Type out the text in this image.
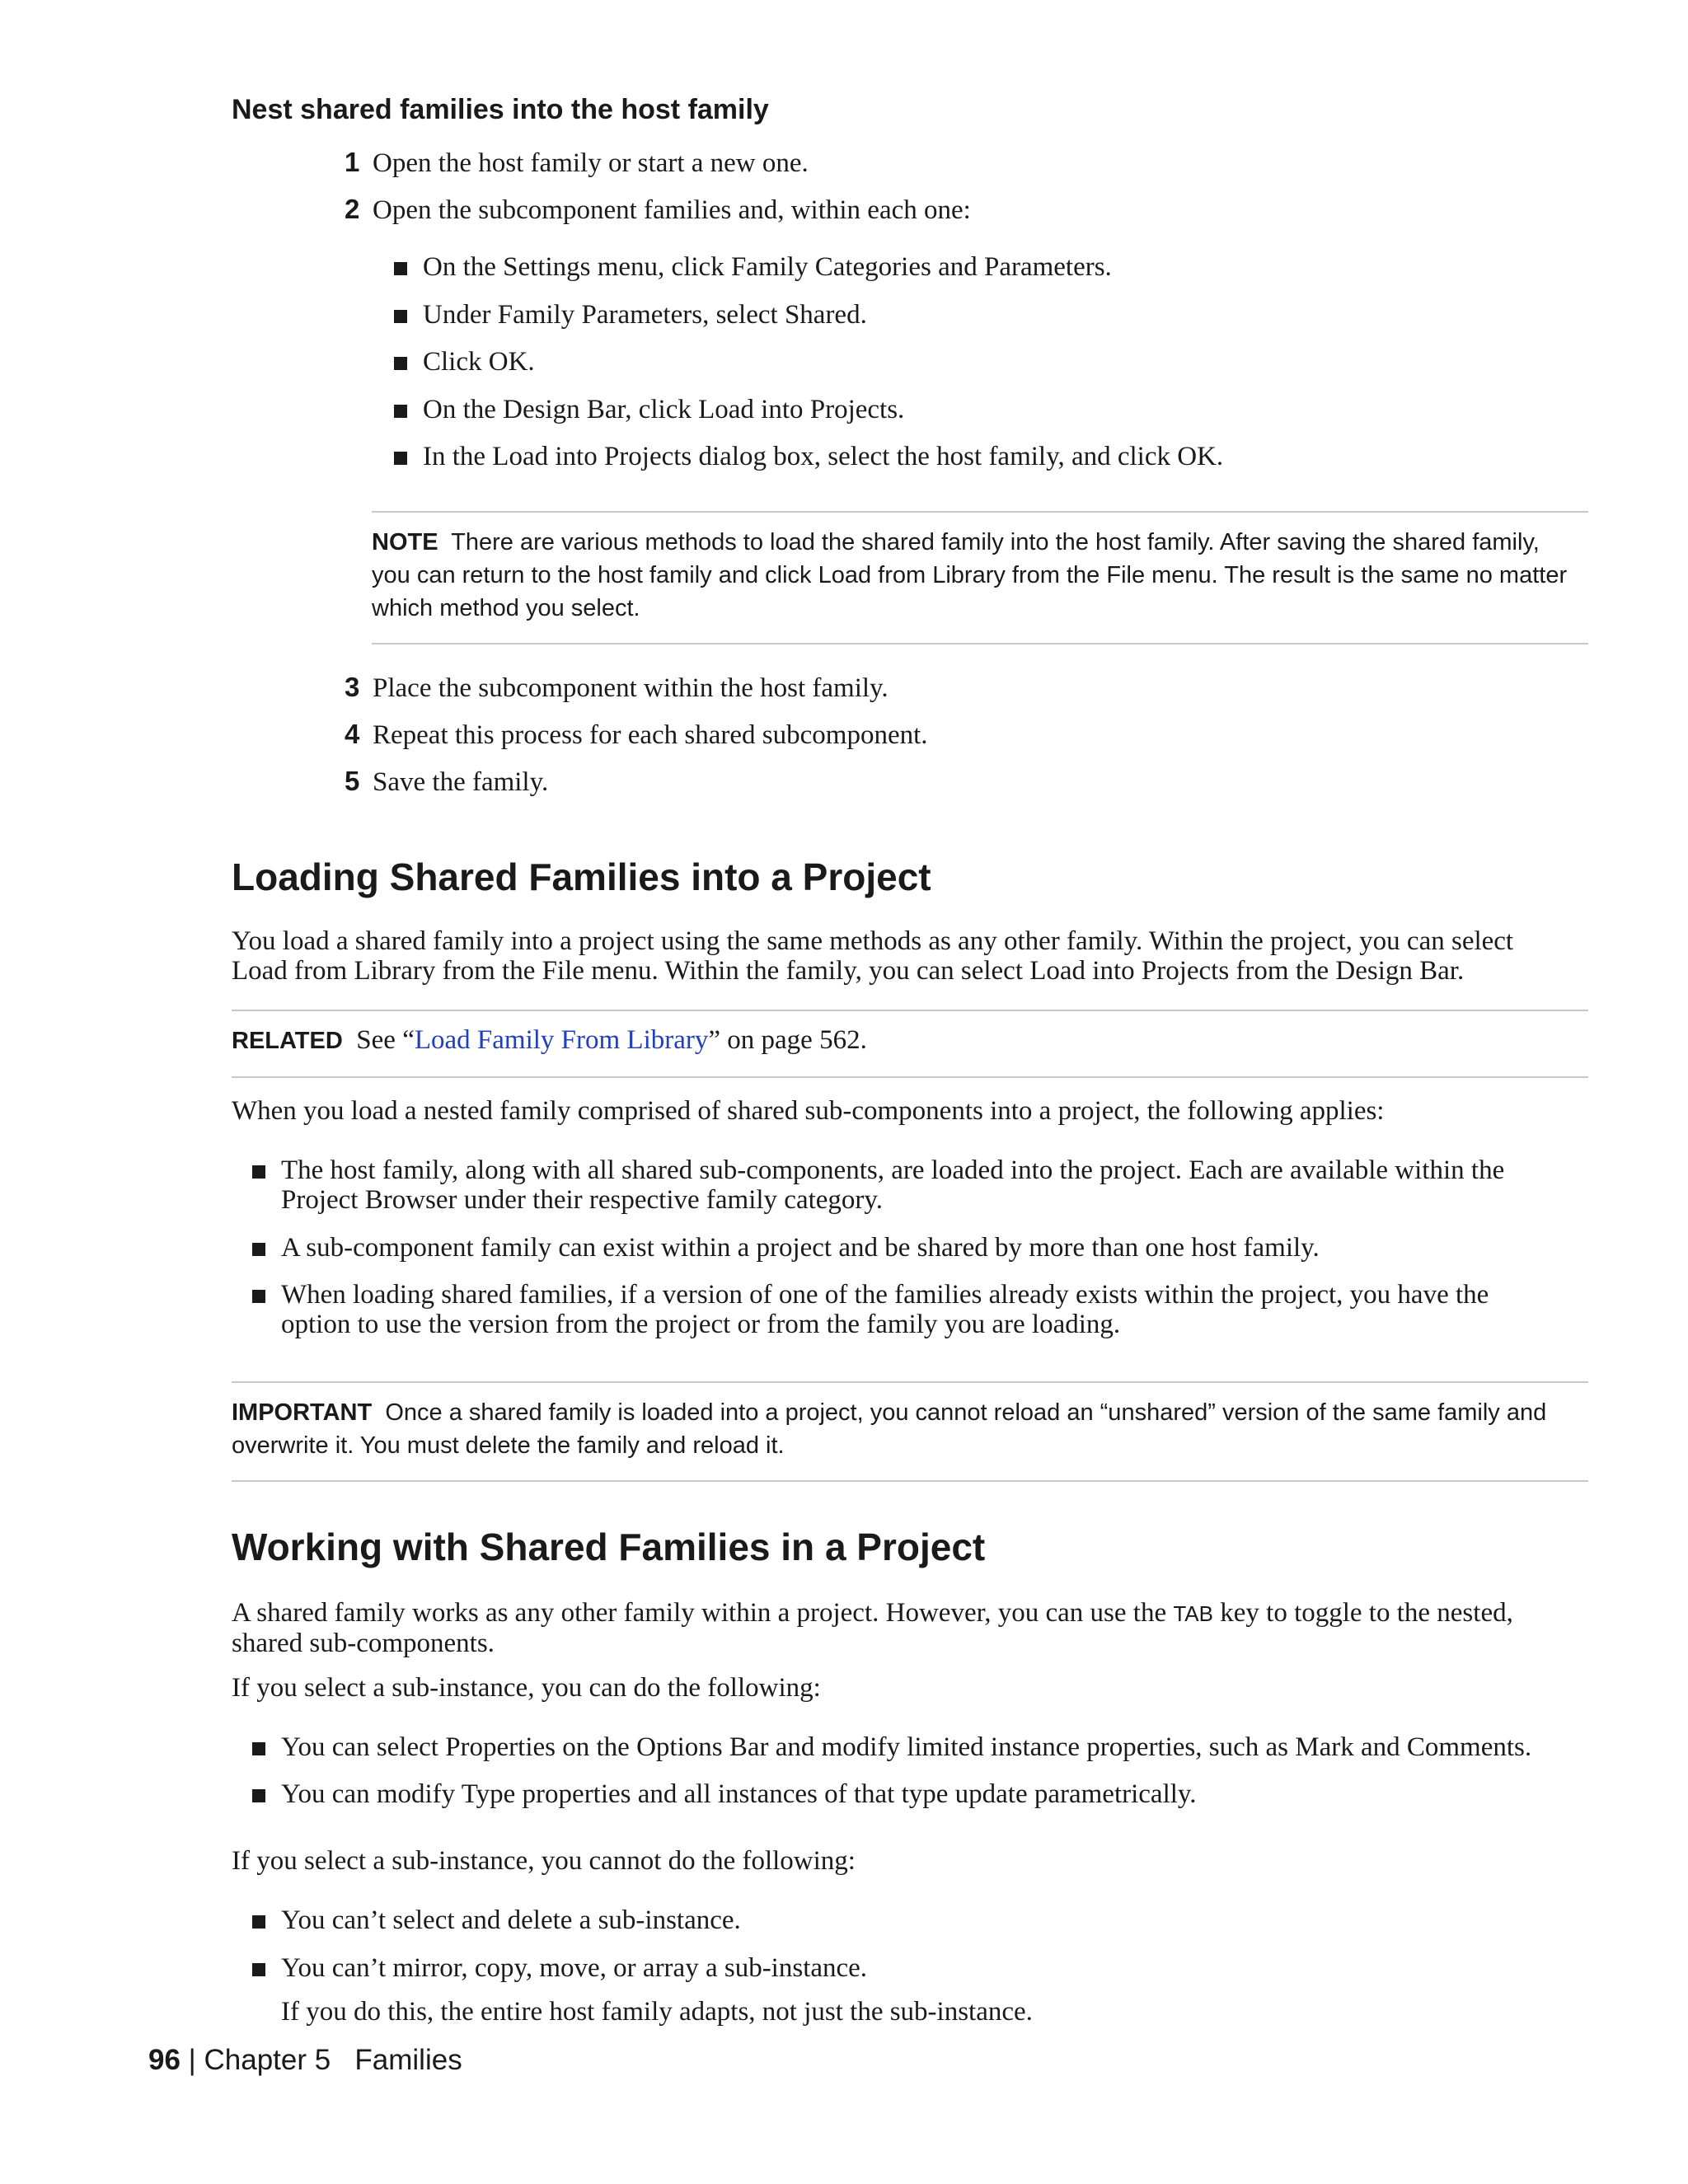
Nest shared families into the host family
1 Open the host family or start a new one.
2 Open the subcomponent families and, within each one:
On the Settings menu, click Family Categories and Parameters.
Under Family Parameters, select Shared.
Click OK.
On the Design Bar, click Load into Projects.
In the Load into Projects dialog box, select the host family, and click OK.
NOTE There are various methods to load the shared family into the host family. After saving the shared family,
you can return to the host family and click Load from Library from the File menu. The result is the same no matter
which method you select.
3 Place the subcomponent within the host family.
4 Repeat this process for each shared subcomponent.
5 Save the family.
Loading Shared Families into a Project
You load a shared family into a project using the same methods as any other family. Within the project, you can select
Load from Library from the File menu. Within the family, you can select Load into Projects from the Design Bar.
RELATED See “Load Family From Library” on page 562.
When you load a nested family comprised of shared sub-components into a project, the following applies:
The host family, along with all shared sub-components, are loaded into the project. Each are available within the
Project Browser under their respective family category.
A sub-component family can exist within a project and be shared by more than one host family.
When loading shared families, if a version of one of the families already exists within the project, you have the
option to use the version from the project or from the family you are loading.
IMPORTANT Once a shared family is loaded into a project, you cannot reload an “unshared” version of the same family and
overwrite it. You must delete the family and reload it.
Working with Shared Families in a Project
A shared family works as any other family within a project. However, you can use the TAB key to toggle to the nested,
shared sub-components.
If you select a sub-instance, you can do the following:
You can select Properties on the Options Bar and modify limited instance properties, such as Mark and Comments.
You can modify Type properties and all instances of that type update parametrically.
If you select a sub-instance, you cannot do the following:
You can’t select and delete a sub-instance.
You can’t mirror, copy, move, or array a sub-instance.
If you do this, the entire host family adapts, not just the sub-instance.
96 | Chapter 5 Families
